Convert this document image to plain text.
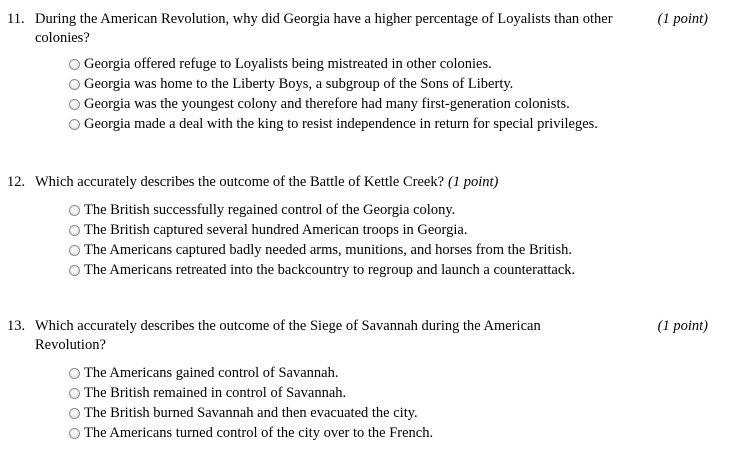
11. During the American Revolution, why did Georgia have a higher percentage of Loyalists than other colonies?
(1 point)
Georgia offered refuge to Loyalists being mistreated in other colonies.
Georgia was home to the Liberty Boys, a subgroup of the Sons of Liberty.
Georgia was the youngest colony and therefore had many first-generation colonists.
Georgia made a deal with the king to resist independence in return for special privileges.
12. Which accurately describes the outcome of the Battle of Kettle Creek? (1 point)
The British successfully regained control of the Georgia colony.
The British captured several hundred American troops in Georgia.
The Americans captured badly needed arms, munitions, and horses from the British.
The Americans retreated into the backcountry to regroup and launch a counterattack.
13. Which accurately describes the outcome of the Siege of Savannah during the American Revolution?
(1 point)
The Americans gained control of Savannah.
The British remained in control of Savannah.
The British burned Savannah and then evacuated the city.
The Americans turned control of the city over to the French.
